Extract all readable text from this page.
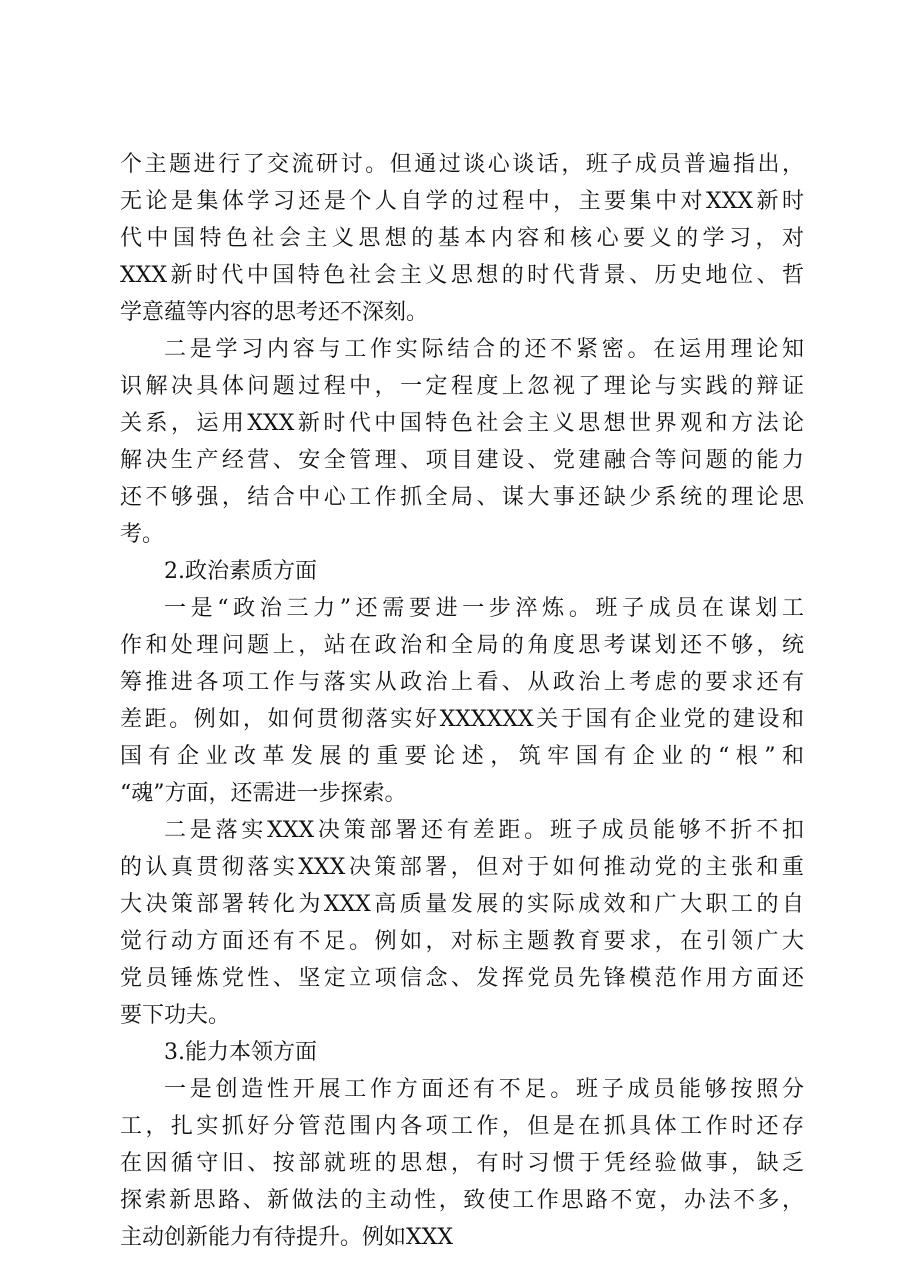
个主题进行了交流研讨。但通过谈心谈话，班子成员普遍指出，
无论是集体学习还是个人自学的过程中，主要集中对XXX新时
代中国特色社会主义思想的基本内容和核心要义的学习，对
XXX新时代中国特色社会主义思想的时代背景、历史地位、哲
学意蕴等内容的思考还不深刻。
二是学习内容与工作实际结合的还不紧密。在运用理论知
识解决具体问题过程中，一定程度上忽视了理论与实践的辩证
关系，运用XXX新时代中国特色社会主义思想世界观和方法论
解决生产经营、安全管理、项目建设、党建融合等问题的能力
还不够强，结合中心工作抓全局、谋大事还缺少系统的理论思
考。
2.政治素质方面
一是“政治三力”还需要进一步淬炼。班子成员在谋划工
作和处理问题上，站在政治和全局的角度思考谋划还不够，统
筹推进各项工作与落实从政治上看、从政治上考虑的要求还有
差距。例如，如何贯彻落实好XXXXXX关于国有企业党的建设和
国有企业改革发展的重要论述，筑牢国有企业的“根”和
“魂”方面，还需进一步探索。
二是落实XXX决策部署还有差距。班子成员能够不折不扣
的认真贯彻落实XXX决策部署，但对于如何推动党的主张和重
大决策部署转化为XXX高质量发展的实际成效和广大职工的自
觉行动方面还有不足。例如，对标主题教育要求，在引领广大
党员锤炼党性、坚定立项信念、发挥党员先锋模范作用方面还
要下功夫。
3.能力本领方面
一是创造性开展工作方面还有不足。班子成员能够按照分
工，扎实抓好分管范围内各项工作，但是在抓具体工作时还存
在因循守旧、按部就班的思想，有时习惯于凭经验做事，缺乏
探索新思路、新做法的主动性，致使工作思路不宽，办法不多，
主动创新能力有待提升。例如XXX
